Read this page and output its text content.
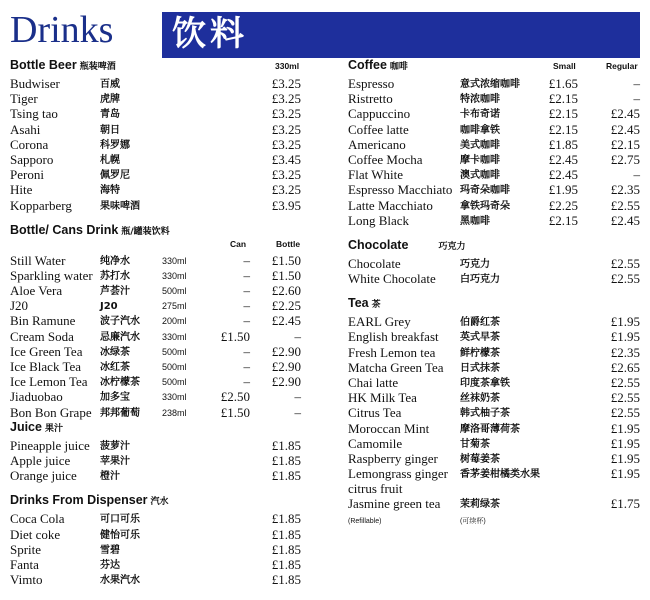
Drinks 饮料
Bottle Beer 瓶装啤酒	330ml
Budwiser	百威	£3.25
Tiger	虎牌	£3.25
Tsing tao	青岛	£3.25
Asahi	朝日	£3.25
Corona	科罗娜	£3.25
Sapporo	札幌	£3.45
Peroni	佩罗尼	£3.25
Hite	海特	£3.25
Kopparberg	果味啤酒	£3.95
Bottle/ Cans Drink 瓶/罐装饮料
Can	Bottle
Still Water	纯净水	330ml	–	£1.50
Sparkling water 苏打水	330ml	–	£1.50
Aloe Vera	芦荟汁	500ml	–	£2.60
J20	J20	275ml	–	£2.25
Bin Ramune 波子汽水 200ml	–	£2.45
Cream Soda	忌廉汽水 330ml	£1.50	–
Ice Green Tea 冰绿茶	500ml	–	£2.90
Ice Black Tea 冰红茶	500ml	–	£2.90
Ice Lemon Tea 冰柠檬茶 500ml	–	£2.90
Jiaduobao	加多宝	330ml	£2.50	–
Bon Bon Grape 邦邦葡萄 238ml	£1.50	–
Juice 果汁
Pineapple juice 菠萝汁	£1.85
Apple juice	苹果汁	£1.85
Orange juice 橙汁	£1.85
Drinks From Dispenser 汽水
Coca Cola	可口可乐	£1.85
Diet coke	健怡可乐	£1.85
Sprite	雪碧	£1.85
Fanta	芬达	£1.85
Vimto	水果汽水	£1.85
Coffee 咖啡	Small	Regular
Espresso	意式浓缩咖啡	£1.65	–
Ristretto	特浓咖啡	£2.15	–
Cappuccino	卡布奇诺	£2.15	£2.45
Coffee latte	咖啡拿铁	£2.15	£2.45
Americano	美式咖啡	£1.85	£2.15
Coffee Mocha	摩卡咖啡	£2.45	£2.75
Flat White	澳式咖啡	£2.45	–
Espresso Macchiato 玛奇朵咖啡	£1.95	£2.35
Latte Macchiato	拿铁玛奇朵	£2.25	£2.55
Long Black	黑咖啡	£2.15	£2.45
Chocolate	巧克力
Chocolate	巧克力	£2.55
White Chocolate 白巧克力	£2.55
Tea 茶
EARL Grey	伯爵红茶	£1.95
English breakfast 英式早茶	£1.95
Fresh Lemon tea 鲜柠檬茶	£2.35
Matcha Green Tea 日式抹茶	£2.65
Chai latte	印度茶拿铁	£2.55
HK Milk Tea	丝袜奶茶	£2.55
Citrus Tea	韩式柚子茶	£2.55
Moroccan Mint	摩洛哥薄荷茶	£1.95
Camomile	甘菊茶	£1.95
Raspberry ginger 树莓姜茶	£1.95
Lemongrass ginger
citrus fruit
香茅姜柑橘类水果	£1.95
Jasmine green tea 茉莉绿茶	£1.75
(Refillable)	(可续杯)
